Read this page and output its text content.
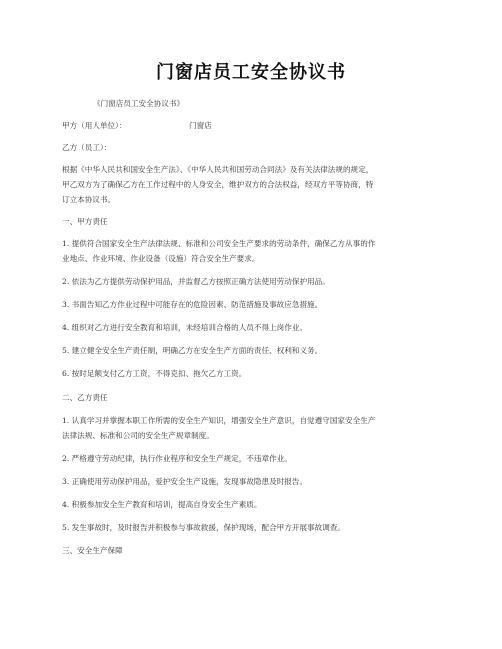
门窗店员工安全协议书
《门窗店员工安全协议书》
甲方（用人单位）：	门窗店
乙方（员工）：
根据《中华人民共和国安全生产法》、《中华人民共和国劳动合同法》及有关法律法规的规定，
甲乙双方为了确保乙方在工作过程中的人身安全，维护双方的合法权益，经双方平等协商，特
订立本协议书。
一、甲方责任
1. 提供符合国家安全生产法律法规、标准和公司安全生产要求的劳动条件，确保乙方从事的作
业地点、作业环境、作业设备（设施）符合安全生产要求。
2. 依法为乙方提供劳动保护用品，并监督乙方按照正确方法使用劳动保护用品。
3. 书面告知乙方作业过程中可能存在的危险因素、防范措施及事故应急措施。
4. 组织对乙方进行安全教育和培训，未经培训合格的人员不得上岗作业。
5. 建立健全安全生产责任制，明确乙方在安全生产方面的责任、权利和义务。
6. 按时足额支付乙方工资，不得克扣、拖欠乙方工资。
二、乙方责任
1. 认真学习并掌握本职工作所需的安全生产知识，增强安全生产意识，自觉遵守国家安全生产
法律法规、标准和公司的安全生产规章制度。
2. 严格遵守劳动纪律，执行作业程序和安全生产规定，不违章作业。
3. 正确使用劳动保护用品，爱护安全生产设施，发现事故隐患及时报告。
4. 积极参加安全生产教育和培训，提高自身安全生产素质。
5. 发生事故时，及时报告并积极参与事故救援，保护现场，配合甲方开展事故调查。
三、安全生产保障
